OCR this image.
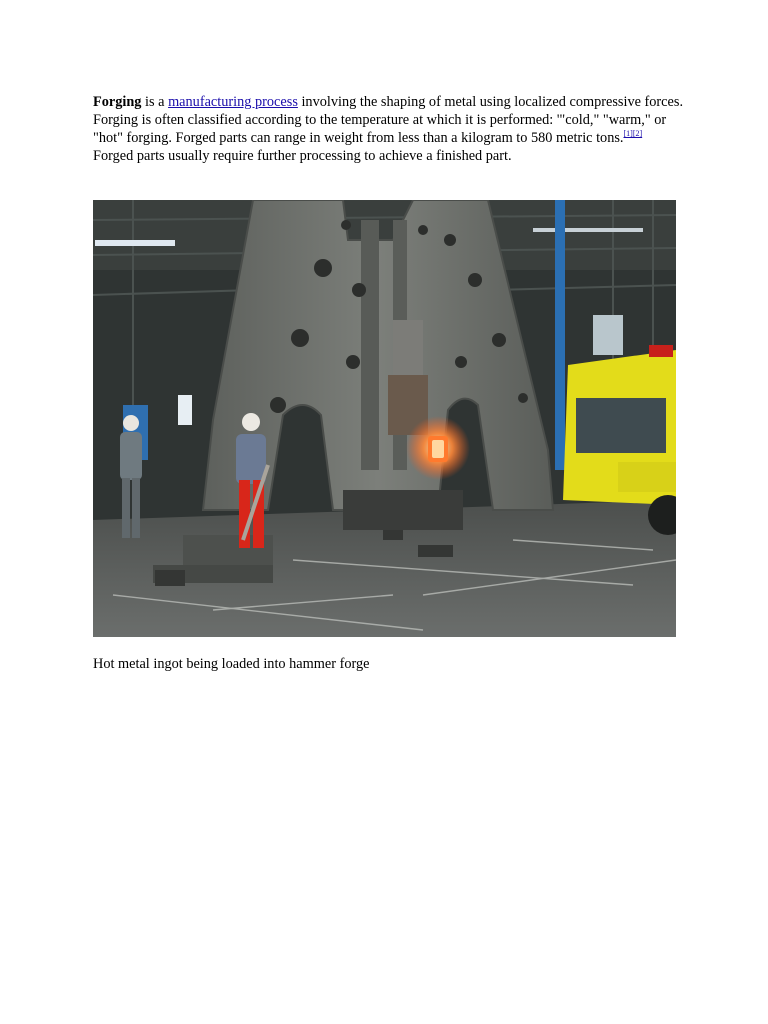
Forging is a manufacturing process involving the shaping of metal using localized compressive forces. Forging is often classified according to the temperature at which it is performed: '"cold," "warm," or "hot" forging. Forged parts can range in weight from less than a kilogram to 580 metric tons.[1][2] Forged parts usually require further processing to achieve a finished part.

Hot metal ingot being loaded into hammer forge
